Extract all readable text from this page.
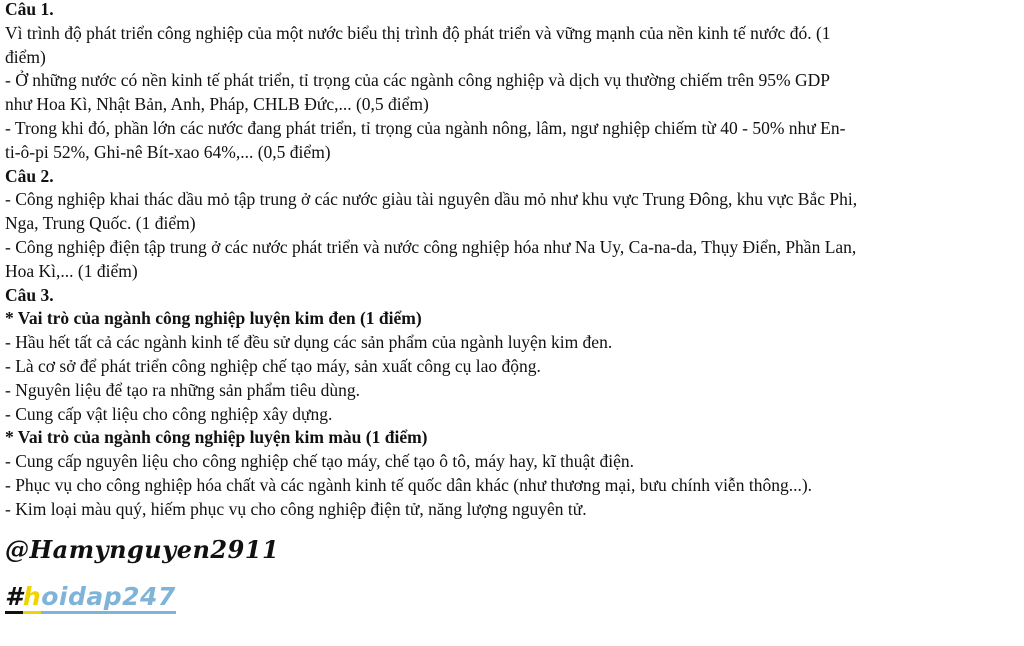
Câu 1.
Vì trình độ phát triển công nghiệp của một nước biểu thị trình độ phát triển và vững mạnh của nền kinh tế nước đó. (1
điểm)
- Ở những nước có nền kinh tế phát triển, tỉ trọng của các ngành công nghiệp và dịch vụ thường chiếm trên 95% GDP
như Hoa Kì, Nhật Bản, Anh, Pháp, CHLB Đức,... (0,5 điểm)
- Trong khi đó, phần lớn các nước đang phát triển, tỉ trọng của ngành nông, lâm, ngư nghiệp chiếm từ 40 - 50% như En-
ti-ô-pi 52%, Ghi-nê Bít-xao 64%,... (0,5 điểm)
Câu 2.
- Công nghiệp khai thác dầu mỏ tập trung ở các nước giàu tài nguyên dầu mỏ như khu vực Trung Đông, khu vực Bắc Phi,
Nga, Trung Quốc. (1 điểm)
- Công nghiệp điện tập trung ở các nước phát triển và nước công nghiệp hóa như Na Uy, Ca-na-da, Thụy Điển, Phần Lan,
Hoa Kì,... (1 điểm)
Câu 3.
* Vai trò của ngành công nghiệp luyện kim đen (1 điểm)
- Hầu hết tất cả các ngành kinh tế đều sử dụng các sản phẩm của ngành luyện kim đen.
- Là cơ sở để phát triển công nghiệp chế tạo máy, sản xuất công cụ lao động.
- Nguyên liệu để tạo ra những sản phẩm tiêu dùng.
- Cung cấp vật liệu cho công nghiệp xây dựng.
* Vai trò của ngành công nghiệp luyện kim màu (1 điểm)
- Cung cấp nguyên liệu cho công nghiệp chế tạo máy, chế tạo ô tô, máy hay, kĩ thuật điện.
- Phục vụ cho công nghiệp hóa chất và các ngành kinh tế quốc dân khác (như thương mại, bưu chính viễn thông...).
- Kim loại màu quý, hiếm phục vụ cho công nghiệp điện tử, năng lượng nguyên tử.
@Hamynguyen2911
#hoidap247
